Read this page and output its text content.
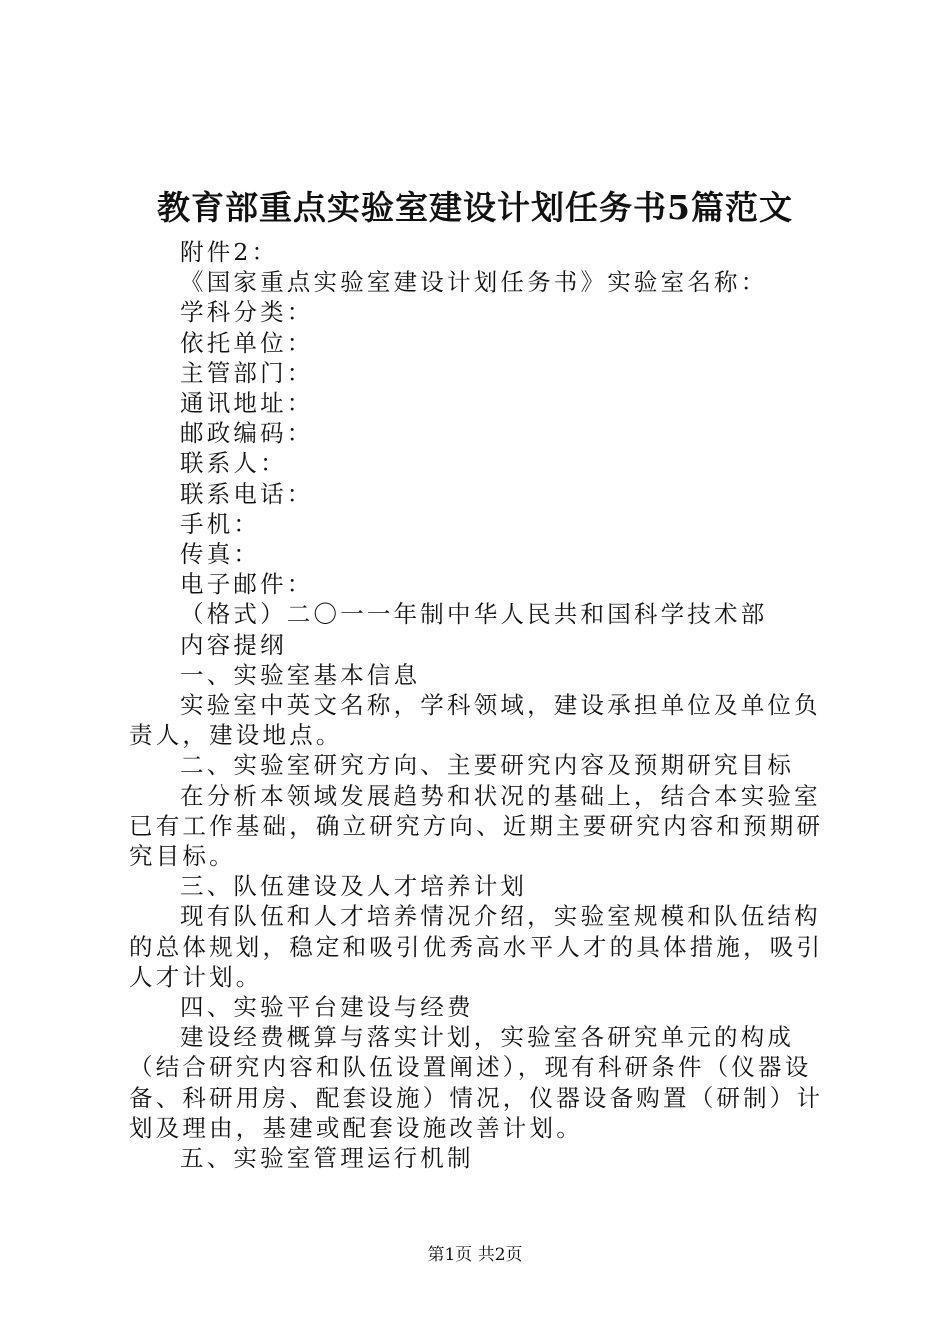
教育部重点实验室建设计划任务书5篇范文

附件2：

《国家重点实验室建设计划任务书》实验室名称：

学科分类：

依托单位：

主管部门：

通讯地址：

邮政编码：

联系人：

联系电话：

手机：

传真：

电子邮件：

（格式）二〇一一年制中华人民共和国科学技术部

内容提纲

一、实验室基本信息

实验室中英文名称，学科领域，建设承担单位及单位负责人，建设地点。

二、实验室研究方向、主要研究内容及预期研究目标

在分析本领域发展趋势和状况的基础上，结合本实验室已有工作基础，确立研究方向、近期主要研究内容和预期研究目标。

三、队伍建设及人才培养计划

现有队伍和人才培养情况介绍，实验室规模和队伍结构的总体规划，稳定和吸引优秀高水平人才的具体措施，吸引人才计划。

四、实验平台建设与经费

建设经费概算与落实计划，实验室各研究单元的构成（结合研究内容和队伍设置阐述），现有科研条件（仪器设备、科研用房、配套设施）情况，仪器设备购置（研制）计划及理由，基建或配套设施改善计划。

五、实验室管理运行机制

第1页 共2页
